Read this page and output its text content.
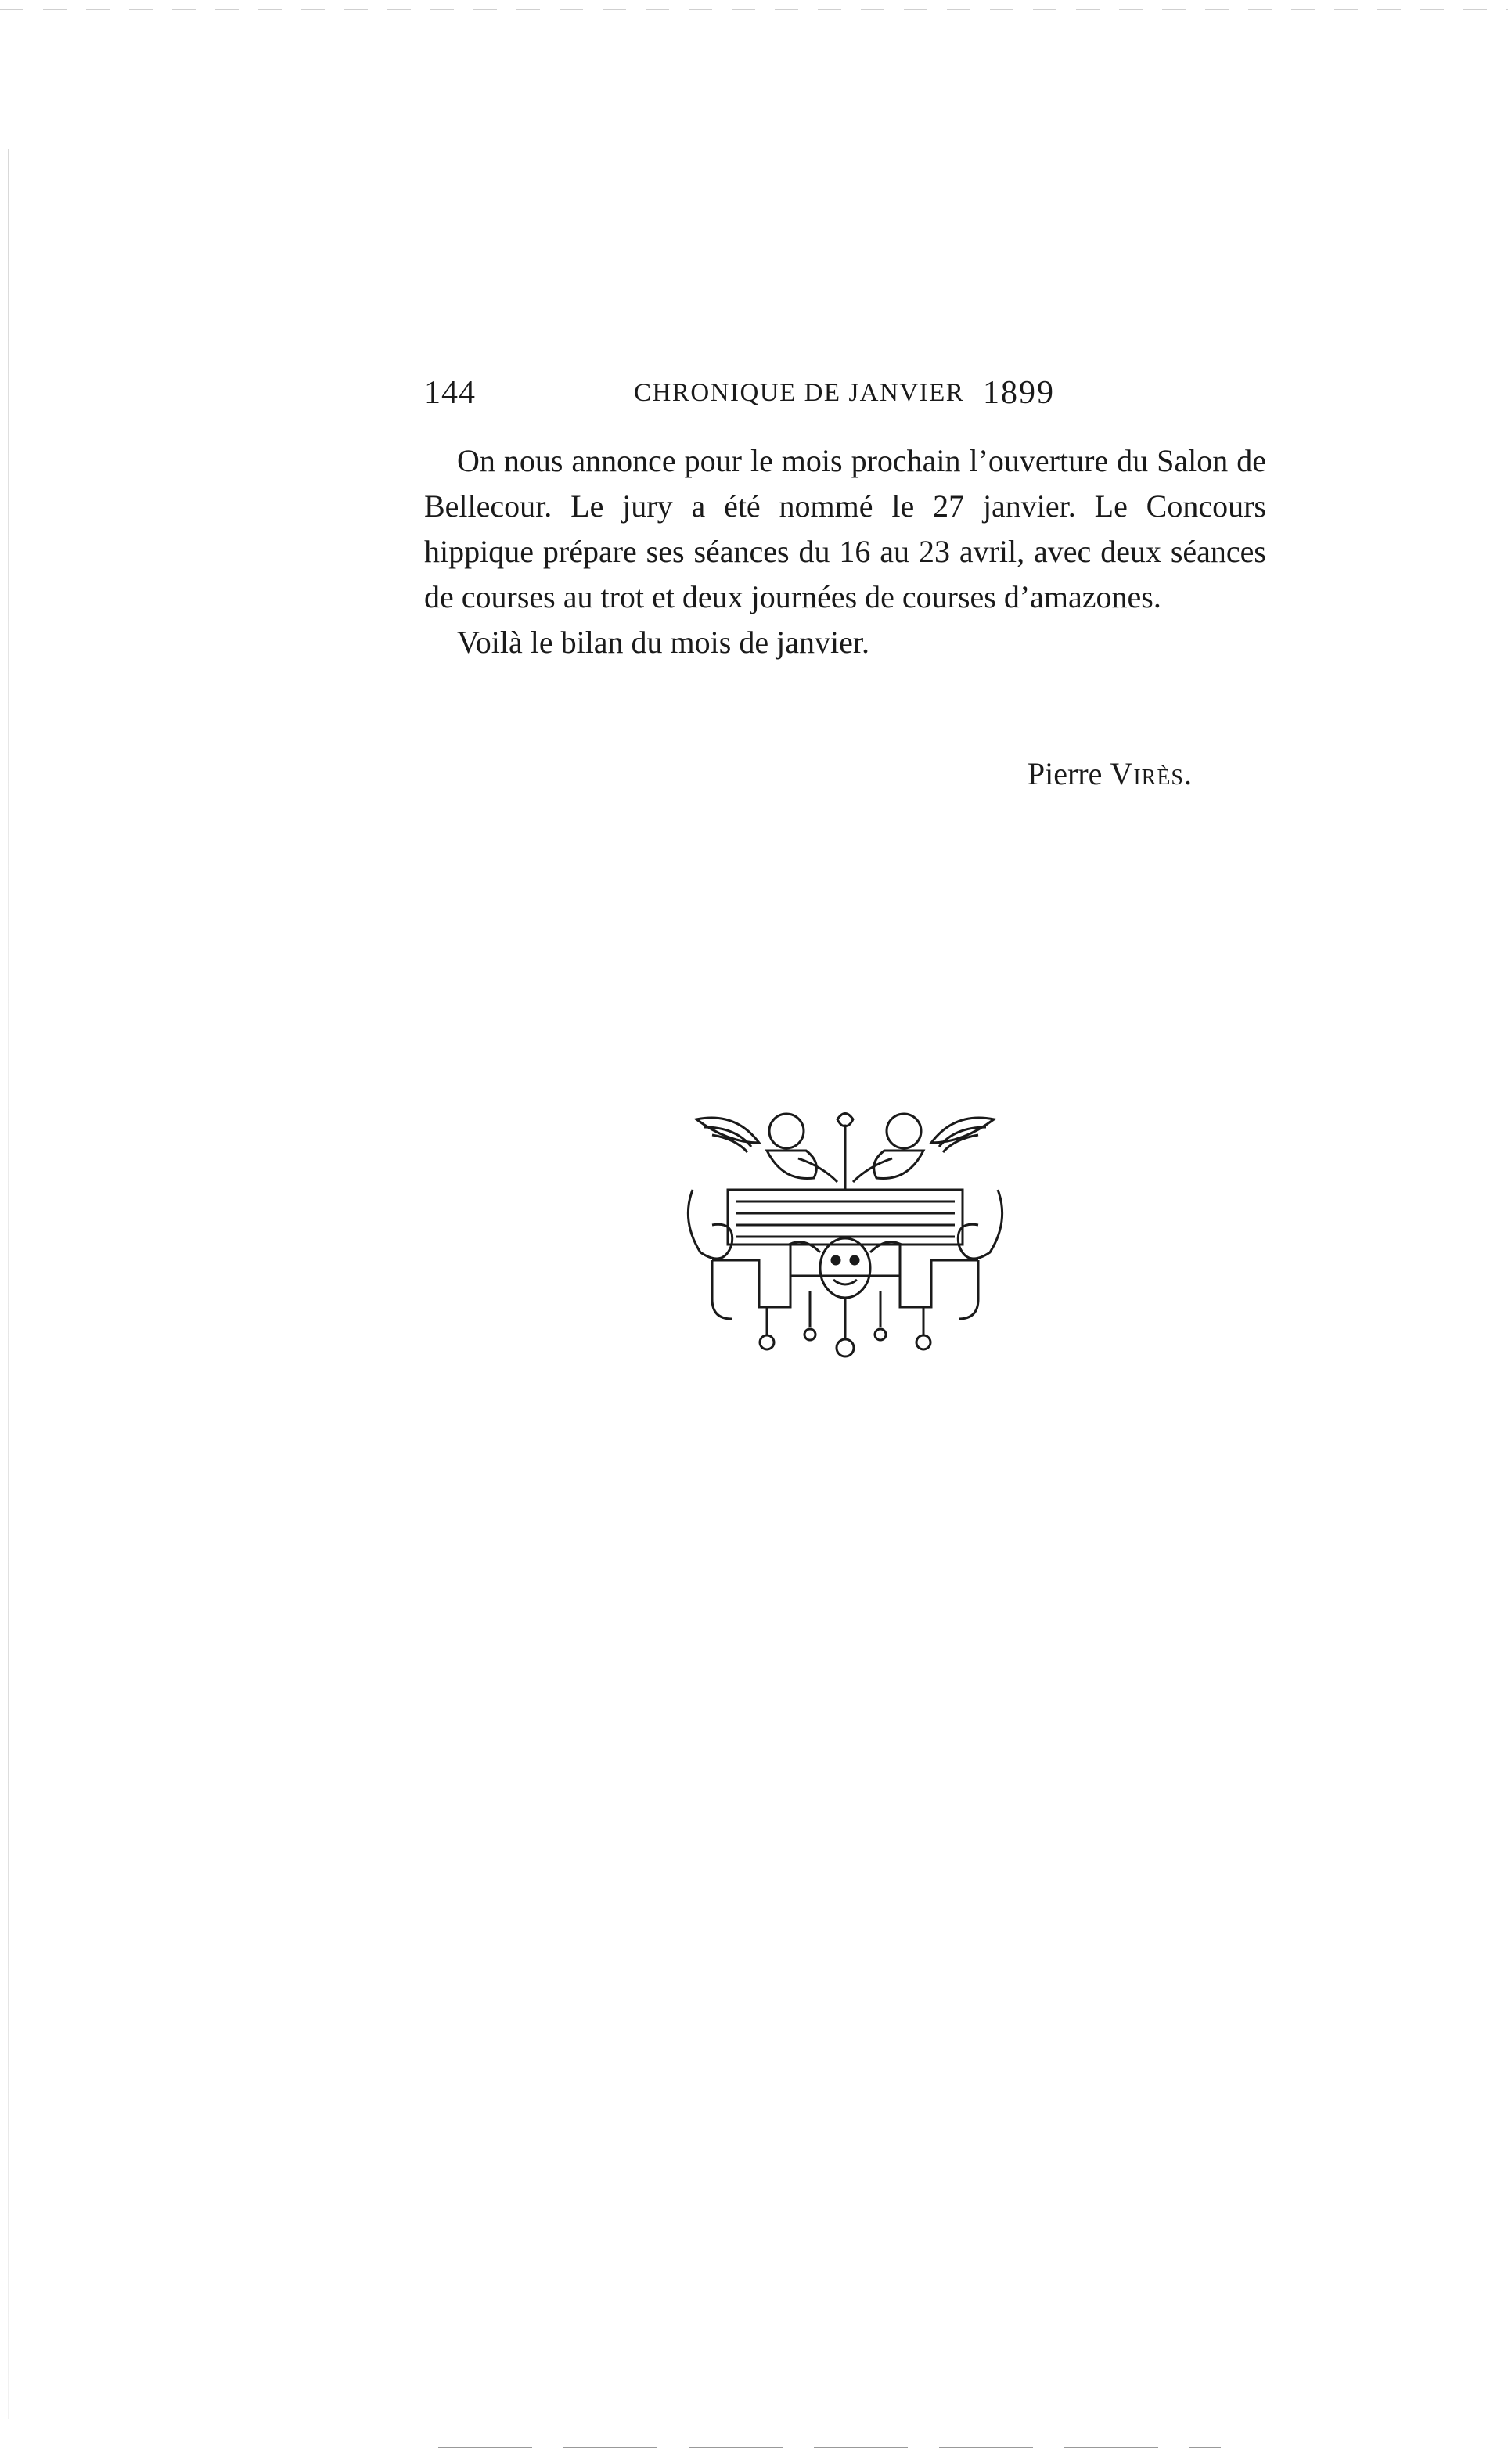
144	CHRONIQUE DE JANVIER 1899

On nous annonce pour le mois prochain l’ouverture du Salon de Bellecour. Le jury a été nommé le 27 janvier. Le Concours hippique prépare ses séances du 16 au 23 avril, avec deux séances de courses au trot et deux journées de courses d’amazones.

Voilà le bilan du mois de janvier.

Pierre Virès.
